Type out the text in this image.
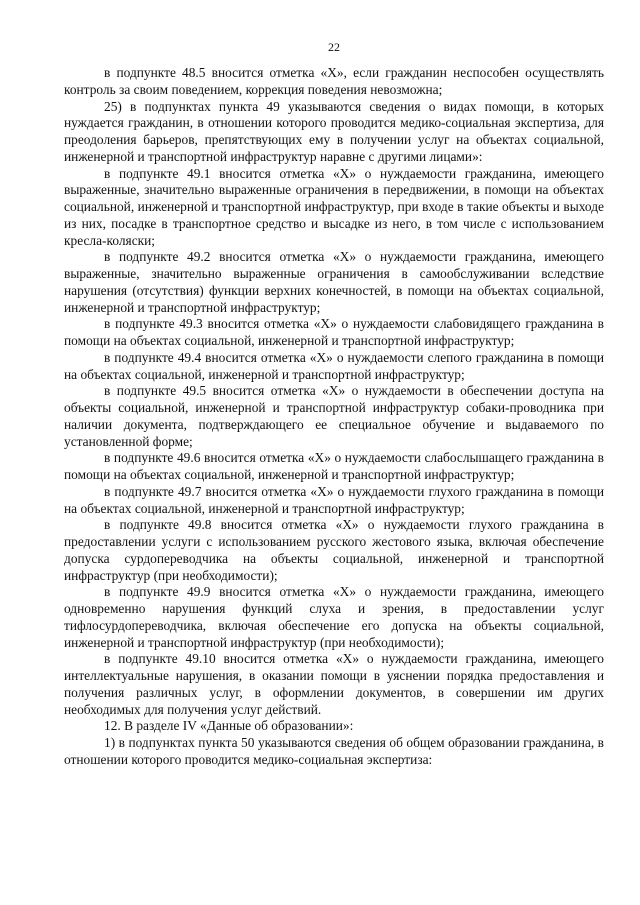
22

в подпункте 48.5 вносится отметка «Х», если гражданин неспособен осуществлять контроль за своим поведением, коррекция поведения невозможна;

25) в подпунктах пункта 49 указываются сведения о видах помощи, в которых нуждается гражданин, в отношении которого проводится медико-социальная экспертиза, для преодоления барьеров, препятствующих ему в получении услуг на объектах социальной, инженерной и транспортной инфраструктур наравне с другими лицами»:

в подпункте 49.1 вносится отметка «Х» о нуждаемости гражданина, имеющего выраженные, значительно выраженные ограничения в передвижении, в помощи на объектах социальной, инженерной и транспортной инфраструктур, при входе в такие объекты и выходе из них, посадке в транспортное средство и высадке из него, в том числе с использованием кресла-коляски;

в подпункте 49.2 вносится отметка «Х» о нуждаемости гражданина, имеющего выраженные, значительно выраженные ограничения в самообслуживании вследствие нарушения (отсутствия) функции верхних конечностей, в помощи на объектах социальной, инженерной и транспортной инфраструктур;

в подпункте 49.3 вносится отметка «Х» о нуждаемости слабовидящего гражданина в помощи на объектах социальной, инженерной и транспортной инфраструктур;

в подпункте 49.4 вносится отметка «Х» о нуждаемости слепого гражданина в помощи на объектах социальной, инженерной и транспортной инфраструктур;

в подпункте 49.5 вносится отметка «Х» о нуждаемости в обеспечении доступа на объекты социальной, инженерной и транспортной инфраструктур собаки-проводника при наличии документа, подтверждающего ее специальное обучение и выдаваемого по установленной форме;

в подпункте 49.6 вносится отметка «Х» о нуждаемости слабослышащего гражданина в помощи на объектах социальной, инженерной и транспортной инфраструктур;

в подпункте 49.7 вносится отметка «Х» о нуждаемости глухого гражданина в помощи на объектах социальной, инженерной и транспортной инфраструктур;

в подпункте 49.8 вносится отметка «Х» о нуждаемости глухого гражданина в предоставлении услуги с использованием русского жестового языка, включая обеспечение допуска сурдопереводчика на объекты социальной, инженерной и транспортной инфраструктур (при необходимости);

в подпункте 49.9 вносится отметка «Х» о нуждаемости гражданина, имеющего одновременно нарушения функций слуха и зрения, в предоставлении услуг тифлосурдопереводчика, включая обеспечение его допуска на объекты социальной, инженерной и транспортной инфраструктур (при необходимости);

в подпункте 49.10 вносится отметка «Х» о нуждаемости гражданина, имеющего интеллектуальные нарушения, в оказании помощи в уяснении порядка предоставления и получения различных услуг, в оформлении документов, в совершении им других необходимых для получения услуг действий.

12. В разделе IV «Данные об образовании»:

1) в подпунктах пункта 50 указываются сведения об общем образовании гражданина, в отношении которого проводится медико-социальная экспертиза:
